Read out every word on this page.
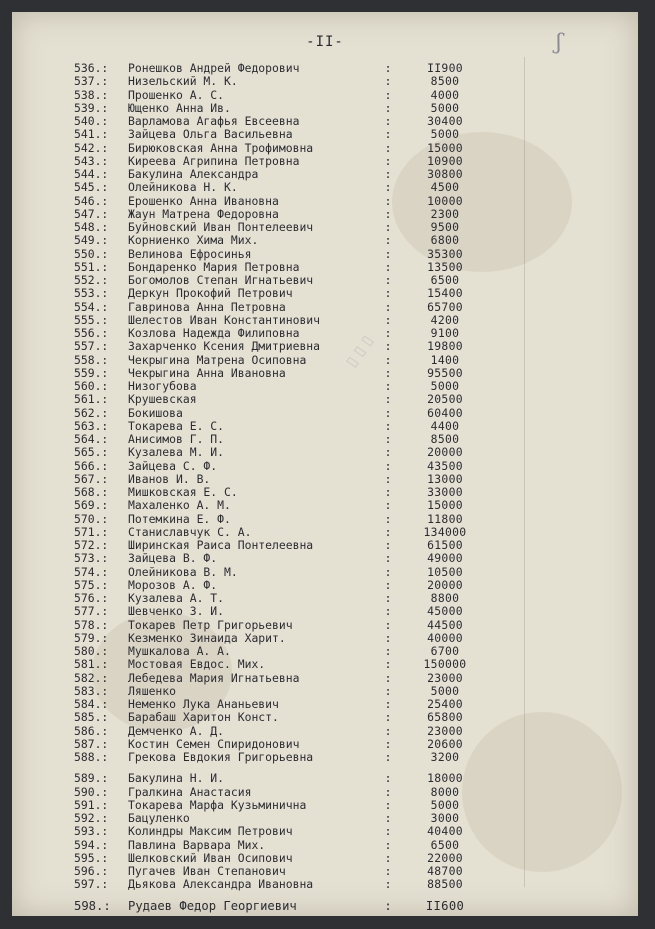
▯ ▯ ▯
-II-	ʃ
536.:	Ронешков Андрей Федорович	:	II900
537.:	Низельский М. К.	:	8500
538.:	Прошенко А. С.	:	4000
539.:	Ющенко Анна Ив.	:	5000
540.:	Варламова Агафья Евсеевна	:	30400
541.:	Зайцева Ольга Васильевна	:	5000
542.:	Бирюковская Анна Трофимовна	:	15000
543.:	Киреева Агрипина Петровна	:	10900
544.:	Бакулина Александра	:	30800
545.:	Олейникова Н. К.	:	4500
546.:	Ерошенко Анна Ивановна	:	10000
547.:	Жаун Матрена Федоровна	:	2300
548.:	Буйновский Иван Понтелеевич	:	9500
549.:	Корниенко Хима Мих.	:	6800
550.:	Велинова Ефросинья	:	35300
551.:	Бондаренко Мария Петровна	:	13500
552.:	Богомолов Степан Игнатьевич	:	6500
553.:	Деркун Прокофий Петрович	:	15400
554.:	Гавринова Анна Петровна	:	65700
555.:	Шелестов Иван Константинович	:	4200
556.:	Козлова Надежда Филиповна	:	9100
557.:	Захарченко Ксения Дмитриевна	:	19800
558.:	Чекрыгина Матрена Осиповна	:	1400
559.:	Чекрыгина Анна Ивановна	:	95500
560.:	Низогубова	:	5000
561.:	Крушевская	:	20500
562.:	Бокишова	:	60400
563.:	Токарева Е. С.	:	4400
564.:	Анисимов Г. П.	:	8500
565.:	Кузалева М. И.	:	20000
566.:	Зайцева С. Ф.	:	43500
567.:	Иванов И. В.	:	13000
568.:	Мишковская Е. С.	:	33000
569.:	Махаленко А. М.	:	15000
570.:	Потемкина Е. Ф.	:	11800
571.:	Станиславчук С. А.	:	134000
572.:	Ширинская Раиса Понтелеевна	:	61500
573.:	Зайцева В. Ф.	:	49000
574.:	Олейникова В. М.	:	10500
575.:	Морозов А. Ф.	:	20000
576.:	Кузалева А. Т.	:	8800
577.:	Шевченко З. И.	:	45000
578.:	Токарев Петр Григорьевич	:	44500
579.:	Кезменко Зинаида Харит.	:	40000
580.:	Мушкалова А. А.	:	6700
581.:	Мостовая Евдос. Мих.	:	150000
582.:	Лебедева Мария Игнатьевна	:	23000
583.:	Ляшенко	:	5000
584.:	Неменко Лука Ананьевич	:	25400
585.:	Барабаш Харитон Конст.	:	65800
586.:	Демченко А. Д.	:	23000
587.:	Костин Семен Спиридонович	:	20600
588.:	Грекова Евдокия Григорьевна	:	3200
589.:	Бакулина Н. И.	:	18000
590.:	Гралкина Анастасия	:	8000
591.:	Токарева Марфа Кузьминична	:	5000
592.:	Бацуленко	:	3000
593.:	Колиндры Максим Петрович	:	40400
594.:	Павлина Варвара Мих.	:	6500
595.:	Шелковский Иван Осипович	:	22000
596.:	Пугачев Иван Степанович	:	48700
597.:	Дьякова Александра Ивановна	:	88500
598.:	Рудаев Федор Георгиевич	:	II600
